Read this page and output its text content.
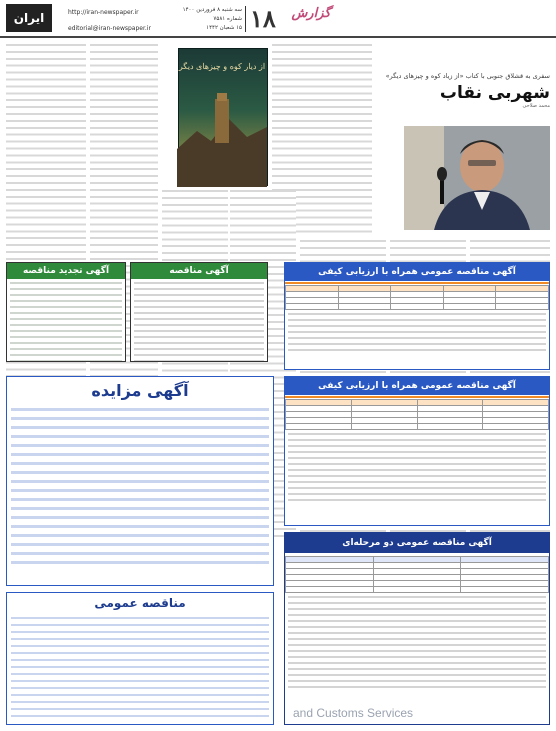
ایران	http://iran-newspaper.ir
editorial@iran-newspaper.ir
سه شنبه ۸ فروردین ۱۴۰۰
شماره ۷۵۸۱
۱۵ شعبان ۱۴۴۲ ۱۸	گزارش
سفری به قشلاق جنوبی با کتاب «از زیاد کوه و چیزهای دیگر»
شهربی نقاب
محمد صلاحی
از دیار کوه و چیزهای دیگر
آگهی تجدید مناقصه	آگهی مناقصه	آگهی مناقصه عمومی همراه با ارزیابی کیفی

آگهی مزایده	آگهی مناقصه عمومی همراه با ارزیابی کیفی

مناقصه عمومی
آگهی مناقصه عمومی دو مرحله‌ای

and Customs Services
